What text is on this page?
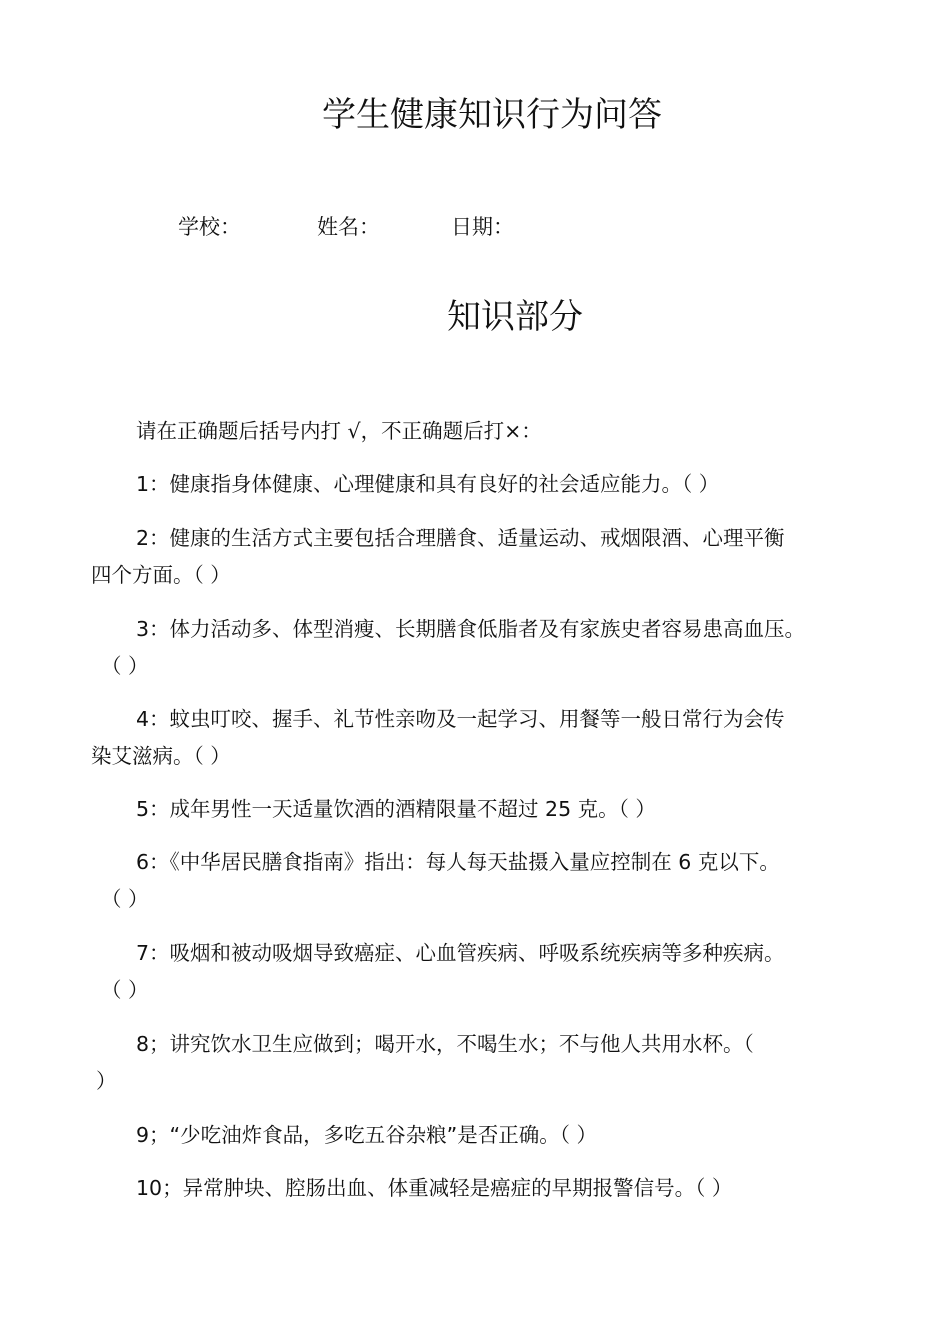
学生健康知识行为问答
学校：	姓名：	日期：
知识部分
请在正确题后括号内打 √，不正确题后打×：
1：健康指身体健康、心理健康和具有良好的社会适应能力。（ ）
2：健康的生活方式主要包括合理膳食、适量运动、戒烟限酒、心理平衡
四个方面。（ ）
3：体力活动多、体型消瘦、长期膳食低脂者及有家族史者容易患高血压。
（ ）
4：蚊虫叮咬、握手、礼节性亲吻及一起学习、用餐等一般日常行为会传
染艾滋病。（ ）
5：成年男性一天适量饮酒的酒精限量不超过 25 克。（ ）
6：《中华居民膳食指南》指出：每人每天盐摄入量应控制在 6 克以下。
（ ）
7：吸烟和被动吸烟导致癌症、心血管疾病、呼吸系统疾病等多种疾病。
（ ）
8；讲究饮水卫生应做到；喝开水，不喝生水；不与他人共用水杯。（
）
9；“少吃油炸食品，多吃五谷杂粮”是否正确。（ ）
10；异常肿块、腔肠出血、体重减轻是癌症的早期报警信号。（ ）
